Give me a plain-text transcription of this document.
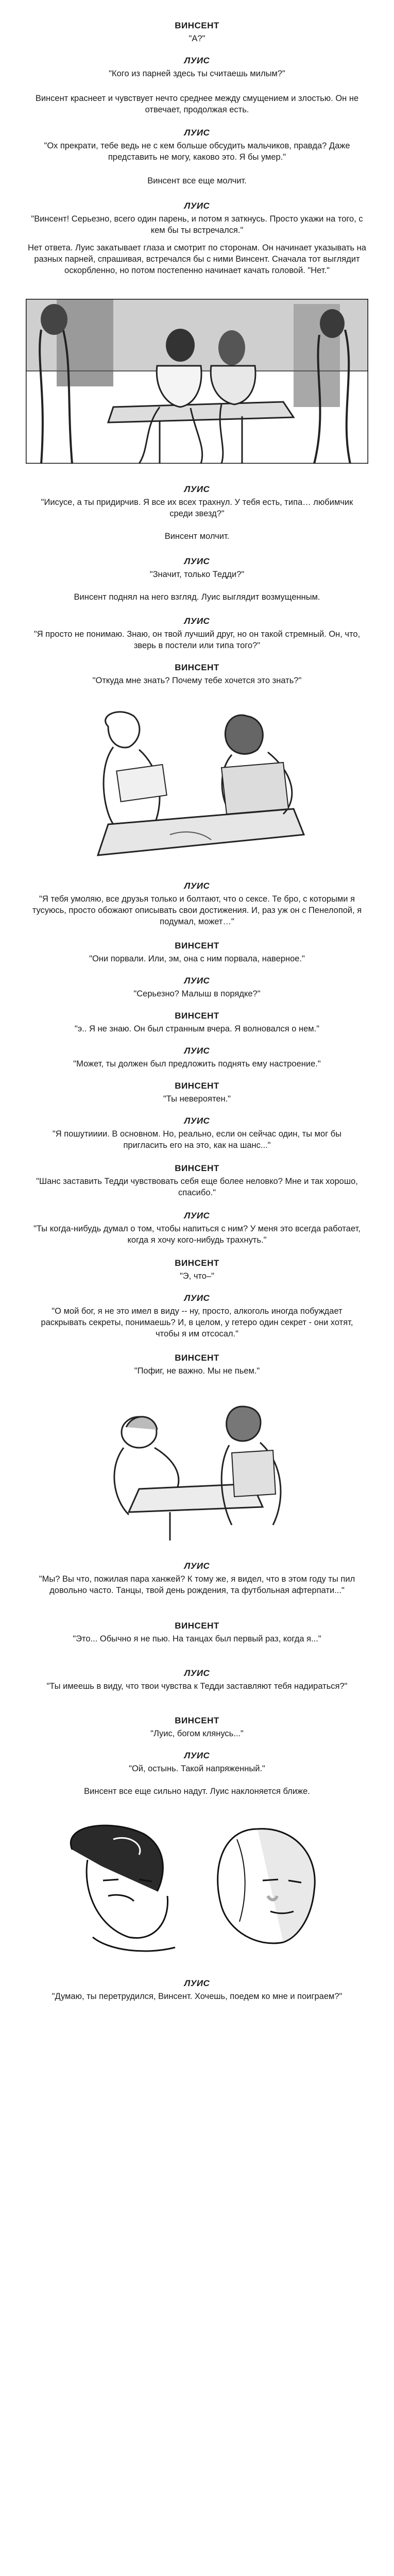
ВИНСЕНТ

"А?"

ЛУИС

"Кого из парней здесь ты считаешь милым?"

Винсент краснеет и чувствует нечто среднее между смущением и злостью. Он не отвечает, продолжая есть.

ЛУИС

"Ох прекрати, тебе ведь не с кем больше обсудить мальчиков, правда? Даже представить не могу, каково это. Я бы умер."

Винсент все еще молчит.

ЛУИС

"Винсент! Серьезно, всего один парень, и потом я заткнусь. Просто укажи на того, с кем бы ты встречался."

Нет ответа. Луис закатывает глаза и смотрит по сторонам. Он начинает указывать на разных парней, спрашивая, встречался бы с ними Винсент. Сначала тот выглядит оскорбленно, но потом постепенно начинает качать головой. "Нет."

ЛУИС

"Иисусе, а ты придирчив. Я все их всех трахнул. У тебя есть, типа… любимчик среди звезд?"

Винсент молчит.

ЛУИС

"Значит, только Тедди?"

Винсент поднял на него взгляд. Луис выглядит возмущенным.

ЛУИС

"Я просто не понимаю. Знаю, он твой лучший друг, но он такой стремный. Он, что, зверь в постели или типа того?"

ВИНСЕНТ

"Откуда мне знать? Почему тебе хочется это знать?"

ЛУИС

"Я тебя умоляю, все друзья только и болтают, что о сексе. Те брo, с которыми я тусуюсь, просто обожают описывать свои достижения. И, раз уж он с Пенелопой, я подумал, может…"

ВИНСЕНТ

"Они порвали. Или, эм, она с ним порвала, наверное."

ЛУИС

"Серьезно? Малыш в порядке?"

ВИНСЕНТ

"э.. Я не знаю. Он был странным вчера. Я волновался о нем."

ЛУИС

"Может, ты должен был предложить поднять ему настроение."

ВИНСЕНТ

"Ты невероятен."

ЛУИС

"Я пошутииии. В основном. Но, реально, если он сейчас один, ты мог бы пригласить его на это, как на шанс..."

ВИНСЕНТ

"Шанс заставить Тедди чувствовать себя еще более неловко? Мне и так хорошо, спасибо."

ЛУИС

"Ты когда-нибудь думал о том, чтобы напиться с ним? У меня это всегда работает, когда я хочу кого-нибудь трахнуть."

ВИНСЕНТ

"Э, что–"

ЛУИС

"О мой бог, я не это имел в виду -- ну, просто, алкоголь иногда побуждает раскрывать секреты, понимаешь? И, в целом, у гетеро один секрет - они хотят, чтобы я им отсосал."

ВИНСЕНТ

"Пофиг, не важно. Мы не пьем."

ЛУИС

"Мы? Вы что, пожилая пара ханжей? К тому же, я видел, что в этом году ты пил довольно часто. Танцы, твой день рождения, та футбольная афтерпати..."

ВИНСЕНТ

"Это... Обычно я не пью. На танцах был первый раз, когда я..."

ЛУИС

"Ты имеешь в виду, что твои чувства к Тедди заставляют тебя надираться?"

ВИНСЕНТ

"Луис, богом клянусь..."

ЛУИС

"Ой, остынь. Такой напряженный."

Винсент все еще сильно надут. Луис наклоняется ближе.

ЛУИС

"Думаю, ты перетрудился, Винсент. Хочешь, поедем ко мне и поиграем?"
